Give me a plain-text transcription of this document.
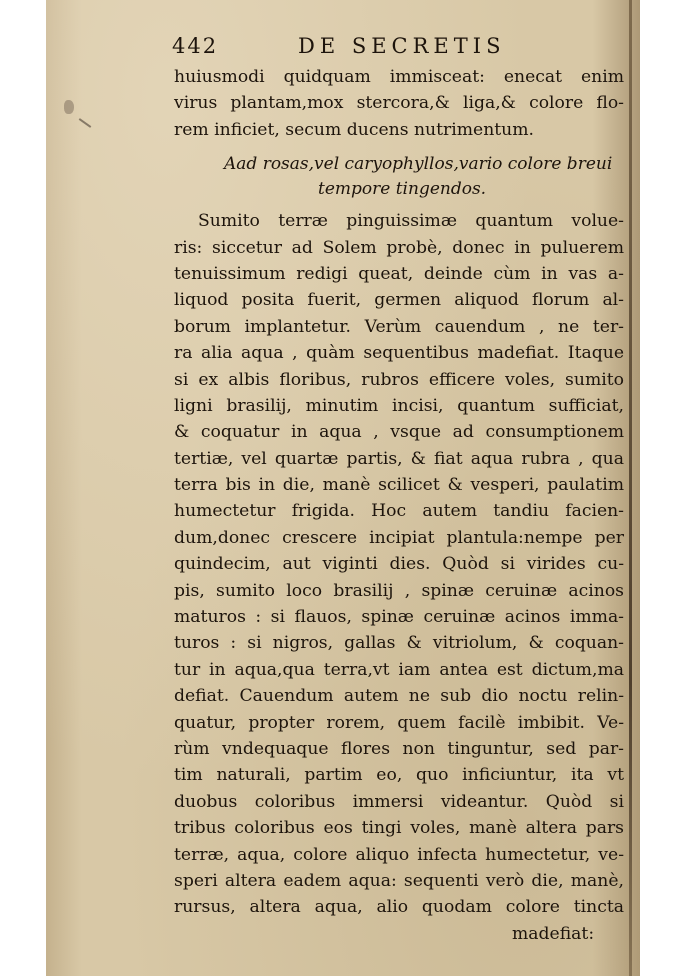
442	DE SECRETIS
huiusmodi quidquam immisceat: enecat enim
virus plantam,mox stercora,& liga,& colore flo-
rem inficiet, secum ducens nutrimentum.
Aad rosas,vel caryophyllos,vario colore breui
tempore tingendos.
Sumito terræ pinguissimæ quantum volue-
ris: siccetur ad Solem probè, donec in puluerem
tenuissimum redigi queat, deinde cùm in vas a-
liquod posita fuerit, germen aliquod florum al-
borum implantetur. Verùm cauendum , ne ter-
ra alia aqua , quàm sequentibus madefiat. Itaque
si ex albis floribus, rubros efficere voles, sumito
ligni brasilij, minutim incisi, quantum sufficiat,
& coquatur in aqua , vsque ad consumptionem
tertiæ, vel quartæ partis, & fiat aqua rubra , qua
terra bis in die, manè scilicet & vesperi, paulatim
humectetur frigida. Hoc autem tandiu facien-
dum,donec crescere incipiat plantula:nempe per
quindecim, aut viginti dies. Quòd si virides cu-
pis, sumito loco brasilij , spinæ ceruinæ acinos
maturos : si flauos, spinæ ceruinæ acinos imma-
turos : si nigros, gallas & vitriolum, & coquan-
tur in aqua,qua terra,vt iam antea est dictum,ma
defiat. Cauendum autem ne sub dio noctu relin-
quatur, propter rorem, quem facilè imbibit. Ve-
rùm vndequaque flores non tinguntur, sed par-
tim naturali, partim eo, quo inficiuntur, ita vt
duobus coloribus immersi videantur. Quòd si
tribus coloribus eos tingi voles, manè altera pars
terræ, aqua, colore aliquo infecta humectetur, ve-
speri altera eadem aqua: sequenti verò die, manè,
rursus, altera aqua, alio quodam colore tincta
madefiat:
